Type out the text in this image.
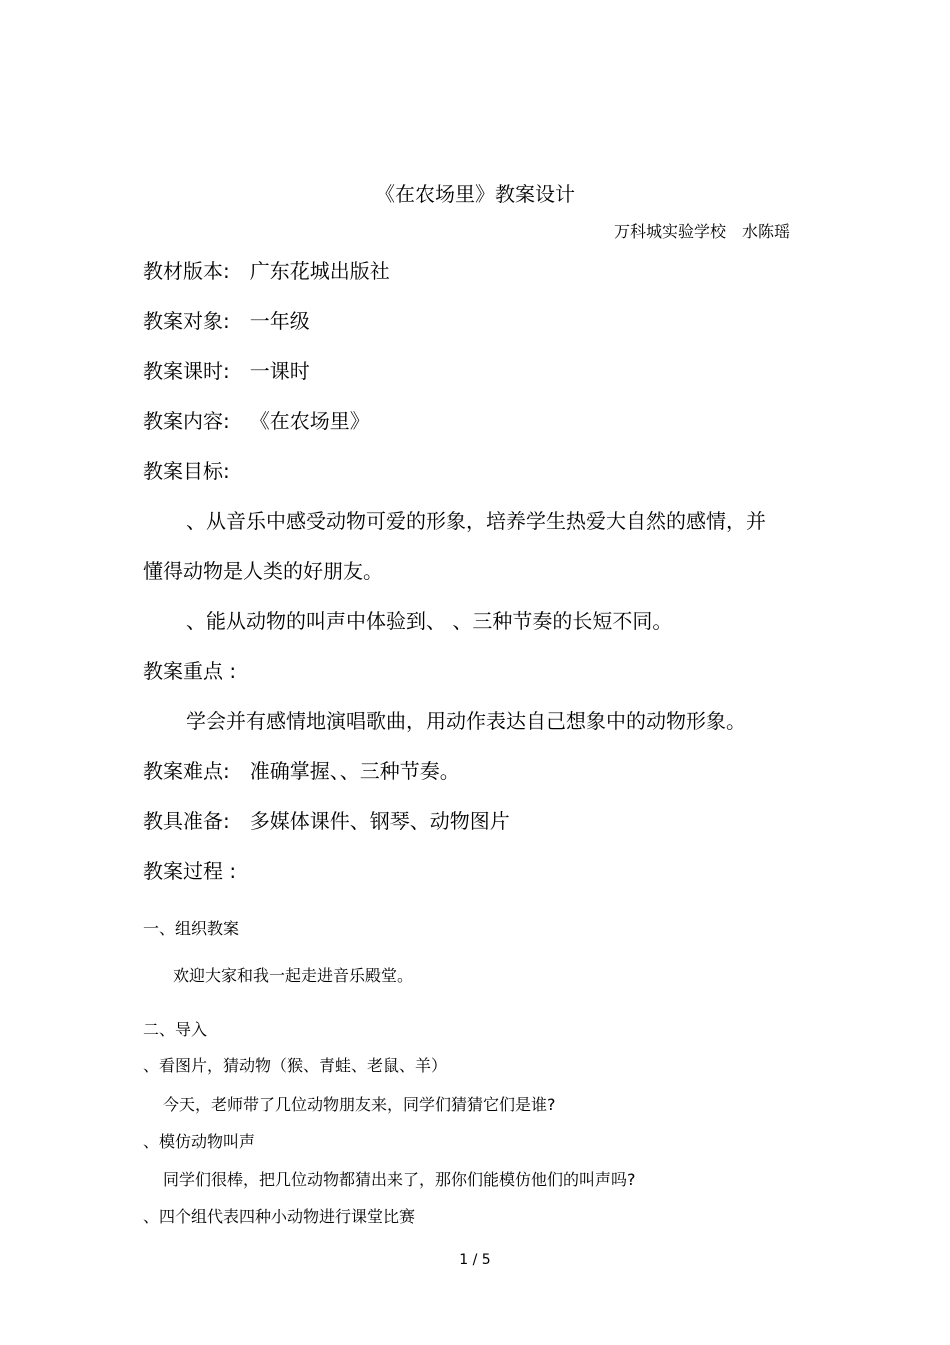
《在农场里》教案设计
万科城实验学校　水陈瑶
教材版本: 广东花城出版社
教案对象: 一年级
教案课时: 一课时
教案内容: 《在农场里》
教案目标:
、从音乐中感受动物可爱的形象，培养学生热爱大自然的感情，并
懂得动物是人类的好朋友。
、能从动物的叫声中体验到、 、三种节奏的长短不同。
教案重点 :
学会并有感情地演唱歌曲，用动作表达自己想象中的动物形象。
教案难点: 准确掌握、、三种节奏。
教具准备: 多媒体课件、钢琴、动物图片
教案过程 :
一、组织教案
欢迎大家和我一起走进音乐殿堂。
二、导入
、看图片，猜动物（猴、青蛙、老鼠、羊）
今天，老师带了几位动物朋友来，同学们猜猜它们是谁?
、模仿动物叫声
同学们很棒，把几位动物都猜出来了，那你们能模仿他们的叫声吗?
、四个组代表四种小动物进行课堂比赛
1 / 5
